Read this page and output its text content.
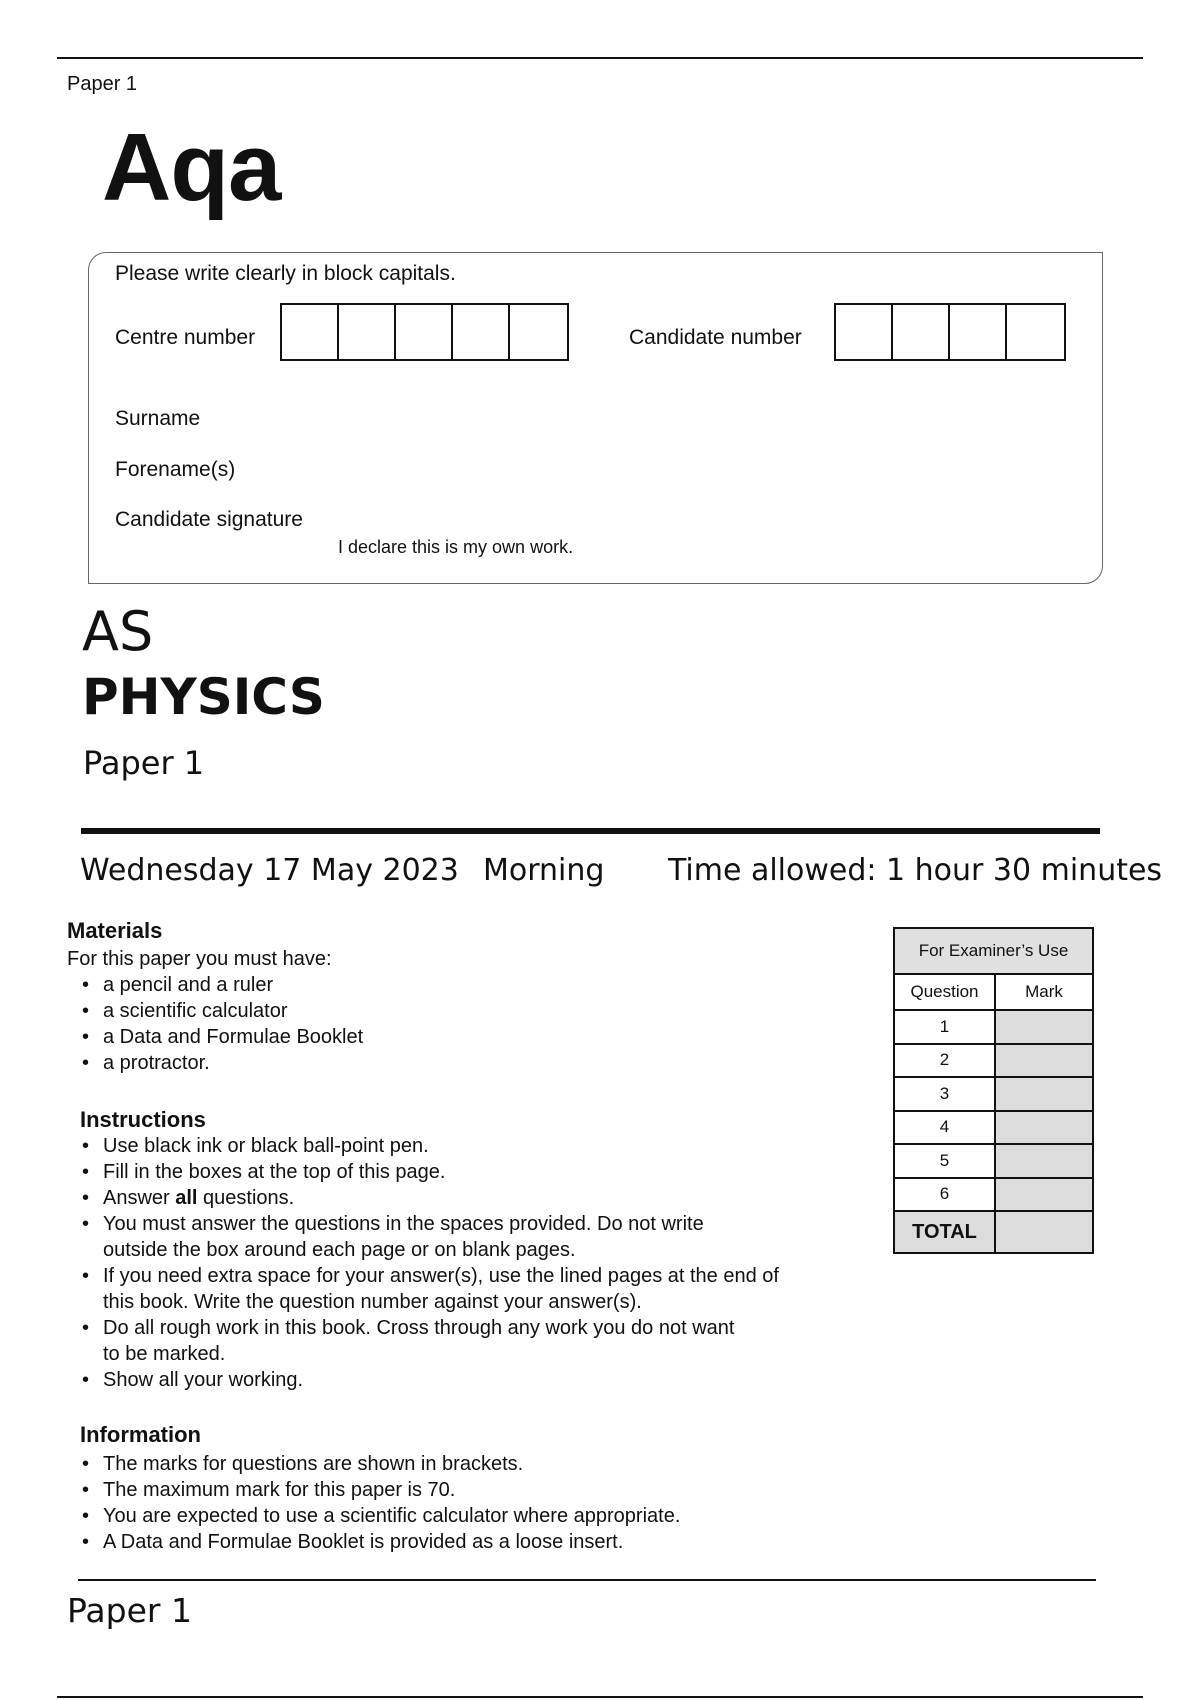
Paper 1
Aqa
Please write clearly in block capitals.
Centre number	Candidate number
Surname
Forename(s)
Candidate signature
I declare this is my own work.
AS
PHYSICS
Paper 1
Wednesday 17 May 2023 Morning Time allowed: 1 hour 30 minutes
Materials
For this paper you must have:
• a pencil and a ruler
• a scientific calculator
• a Data and Formulae Booklet
• a protractor.
Instructions
• Use black ink or black ball-point pen.
• Fill in the boxes at the top of this page.
• Answer all questions.
• You must answer the questions in the spaces provided. Do not write
outside the box around each page or on blank pages.
• If you need extra space for your answer(s), use the lined pages at the end of
this book. Write the question number against your answer(s).
• Do all rough work in this book. Cross through any work you do not want
to be marked.
• Show all your working.
Information
• The marks for questions are shown in brackets.
• The maximum mark for this paper is 70.
• You are expected to use a scientific calculator where appropriate.
• A Data and Formulae Booklet is provided as a loose insert.
For Examiner’s Use	
Question	Mark
1	
2	
3	
4	
5	
6	
TOTAL	
Paper 1
